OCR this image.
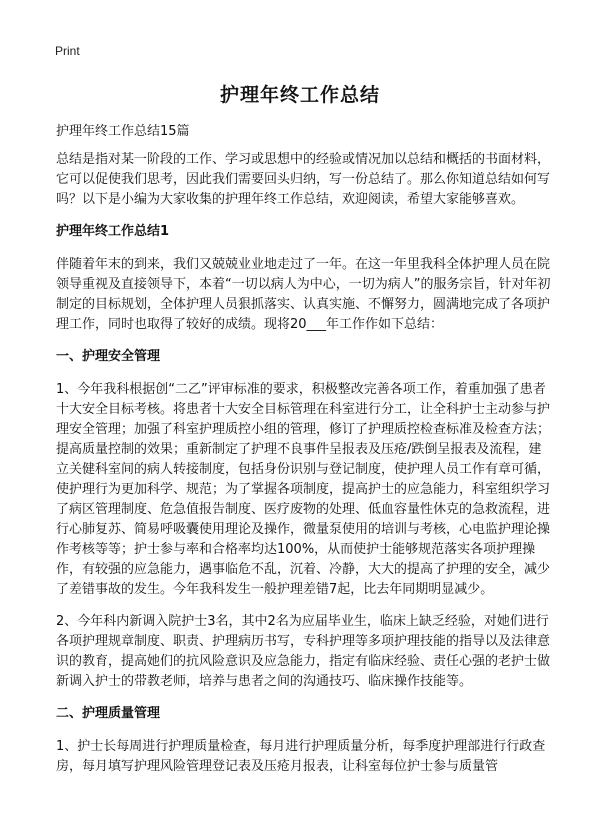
Print
护理年终工作总结

护理年终工作总结15篇

总结是指对某一阶段的工作、学习或思想中的经验或情况加以总结和概括的书面材料，它可以促使我们思考，因此我们需要回头归纳，写一份总结了。那么你知道总结如何写吗？以下是小编为大家收集的护理年终工作总结，欢迎阅读，希望大家能够喜欢。

护理年终工作总结1

伴随着年末的到来，我们又兢兢业业地走过了一年。在这一年里我科全体护理人员在院领导重视及直接领导下，本着“一切以病人为中心，一切为病人”的服务宗旨，针对年初制定的目标规划，全体护理人员狠抓落实、认真实施、不懈努力，圆满地完成了各项护理工作，同时也取得了较好的成绩。现将20___年工作作如下总结：

一、护理安全管理

1、今年我科根据创“二乙”评审标准的要求，积极整改完善各项工作，着重加强了患者十大安全目标考核。将患者十大安全目标管理在科室进行分工，让全科护士主动参与护理安全管理；加强了科室护理质控小组的管理，修订了护理质控检查标准及检查方法；提高质量控制的效果；重新制定了护理不良事件呈报表及压疮/跌倒呈报表及流程，建立关健科室间的病人转接制度，包括身份识别与登记制度，使护理人员工作有章可循，使护理行为更加科学、规范；为了掌握各项制度，提高护士的应急能力，科室组织学习了病区管理制度、危急值报告制度、医疗废物的处理、低血容量性休克的急救流程，进行心肺复苏、简易呼吸囊使用理论及操作，微量泵使用的培训与考核，心电监护理论操作考核等等；护士参与率和合格率均达100%，从而使护士能够规范落实各项护理操作，有较强的应急能力，遇事临危不乱，沉着、冷静，大大的提高了护理的安全，减少了差错事故的发生。今年我科发生一般护理差错7起，比去年同期明显减少。

2、今年科内新调入院护士3名，其中2名为应届毕业生，临床上缺乏经验，对她们进行各项护理规章制度、职责、护理病历书写，专科护理等多项护理技能的指导以及法律意识的教育，提高她们的抗风险意识及应急能力，指定有临床经验、责任心强的老护士做新调入护士的带教老师，培养与患者之间的沟通技巧、临床操作技能等。

二、护理质量管理

1、护士长每周进行护理质量检查，每月进行护理质量分析，每季度护理部进行行政查房，每月填写护理风险管理登记表及压疮月报表，让科室每位护士参与质量管
